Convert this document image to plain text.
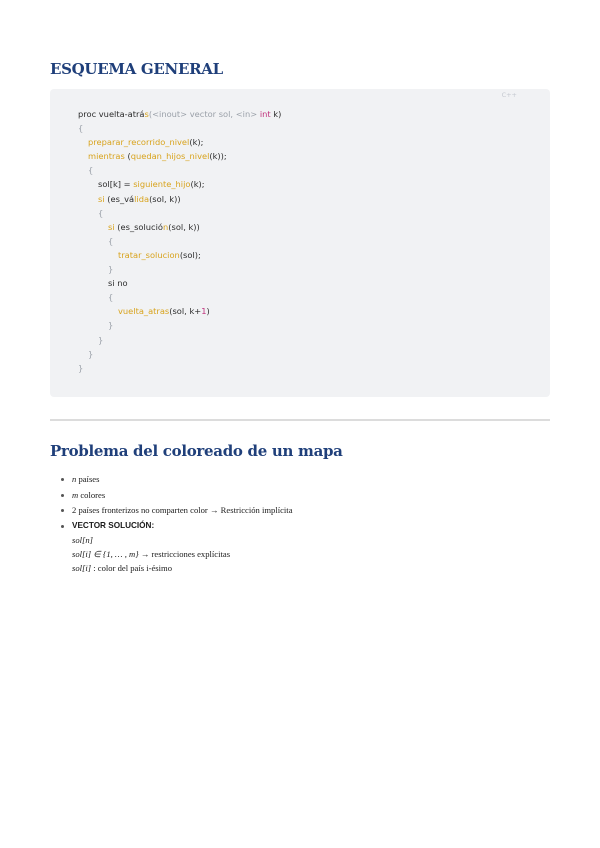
ESQUEMA GENERAL
C++
proc vuelta-atrás(<inout> vector sol, <in> int k)
{
preparar_recorrido_nivel(k);
mientras (quedan_hijos_nivel(k));
{
sol[k] = siguiente_hijo(k);
si (es_válida(sol, k))
{
si (es_solución(sol, k))
{
tratar_solucion(sol);
}
si no
{
vuelta_atras(sol, k+1)
}
}
}
}
Problema del coloreado de un mapa
n países
m colores
2 países fronterizos no comparten color → Restricción implícita
VECTOR SOLUCIÓN:
sol[n]
sol[i] ∈ {1, … , m} → restricciones explícitas
sol[i] : color del país i-ésimo
